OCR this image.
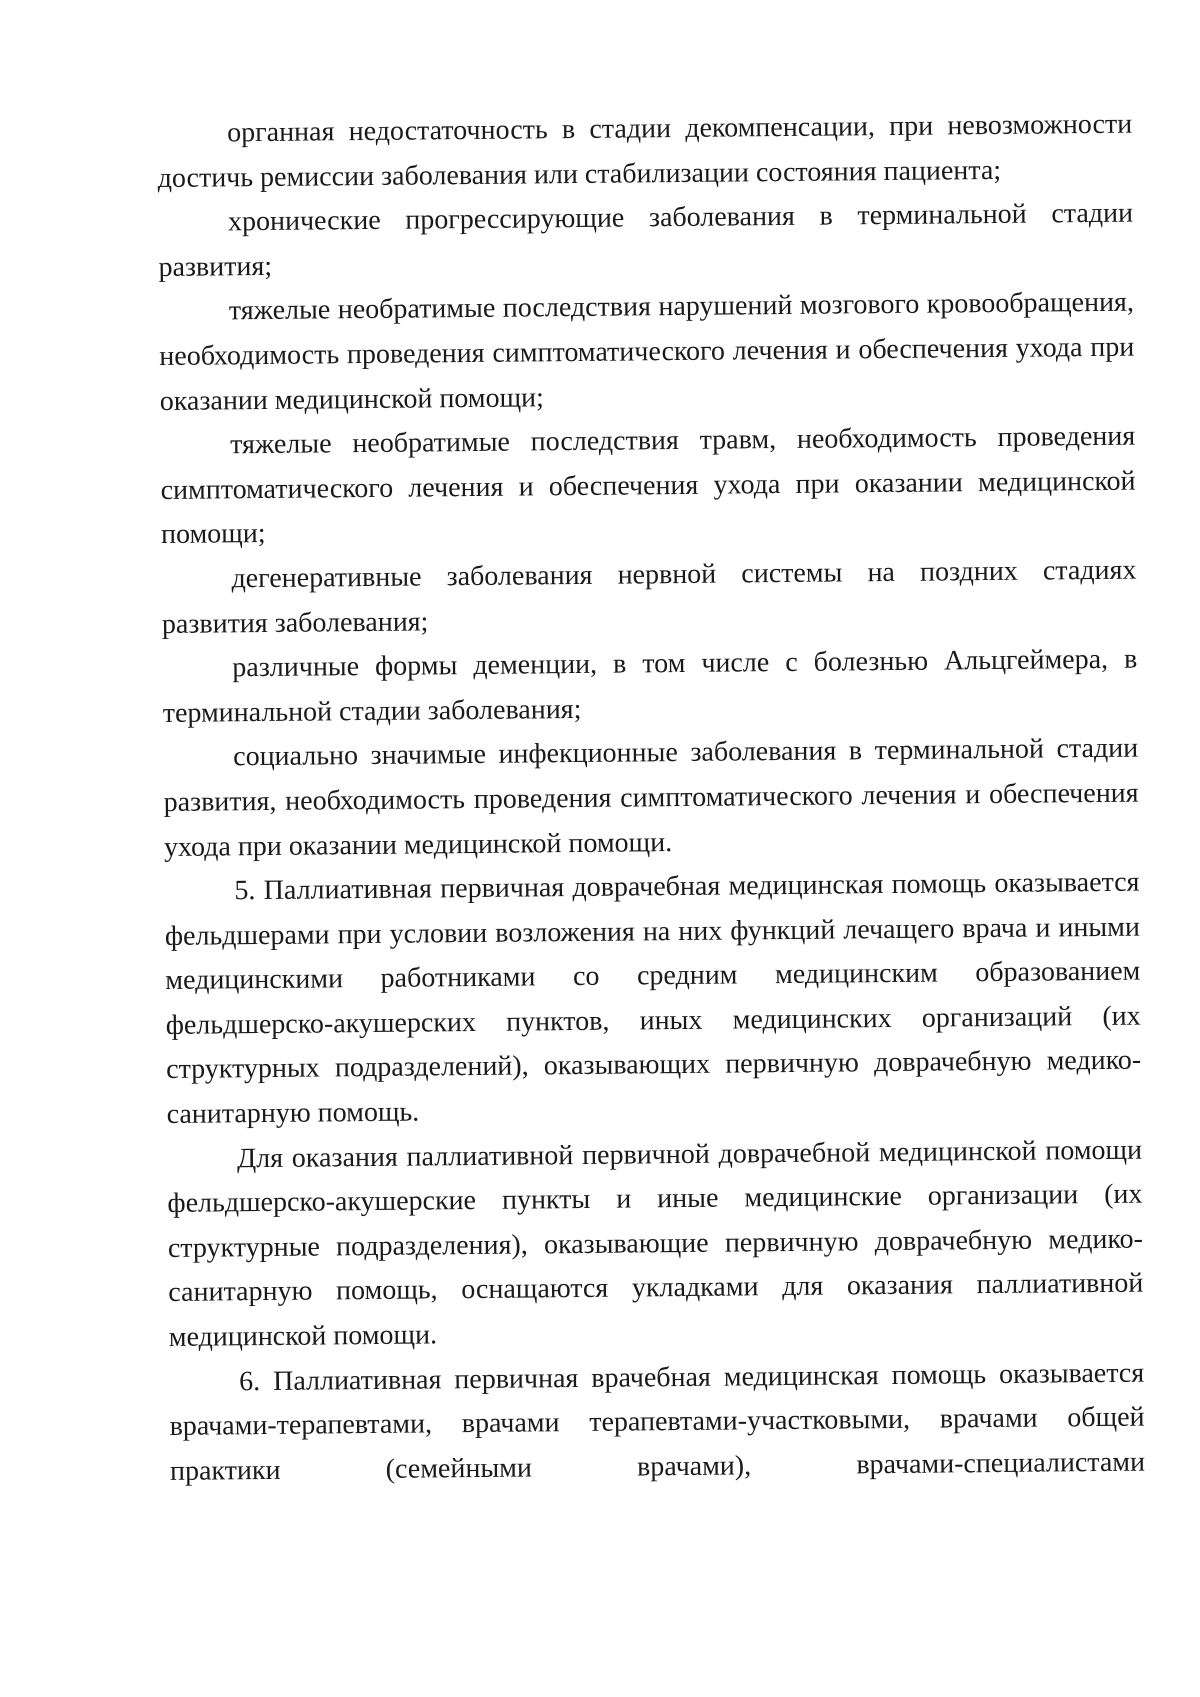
органная недостаточность в стадии декомпенсации, при невозможности достичь ремиссии заболевания или стабилизации состояния пациента;

хронические прогрессирующие заболевания в терминальной стадии развития;

тяжелые необратимые последствия нарушений мозгового кровообращения, необходимость проведения симптоматического лечения и обеспечения ухода при оказании медицинской помощи;

тяжелые необратимые последствия травм, необходимость проведения симптоматического лечения и обеспечения ухода при оказании медицинской помощи;

дегенеративные заболевания нервной системы на поздних стадиях развития заболевания;

различные формы деменции, в том числе с болезнью Альцгеймера, в терминальной стадии заболевания;

социально значимые инфекционные заболевания в терминальной стадии развития, необходимость проведения симптоматического лечения и обеспечения ухода при оказании медицинской помощи.

5. Паллиативная первичная доврачебная медицинская помощь оказывается фельдшерами при условии возложения на них функций лечащего врача и иными медицинскими работниками со средним медицинским образованием фельдшерско-акушерских пунктов, иных медицинских организаций (их структурных подразделений), оказывающих первичную доврачебную медико-санитарную помощь.

Для оказания паллиативной первичной доврачебной медицинской помощи фельдшерско-акушерские пункты и иные медицинские организации (их структурные подразделения), оказывающие первичную доврачебную медико-санитарную помощь, оснащаются укладками для оказания паллиативной медицинской помощи.

6. Паллиативная первичная врачебная медицинская помощь оказывается врачами-терапевтами, врачами терапевтами-участковыми, врачами общей практики (семейными врачами), врачами-специалистами
